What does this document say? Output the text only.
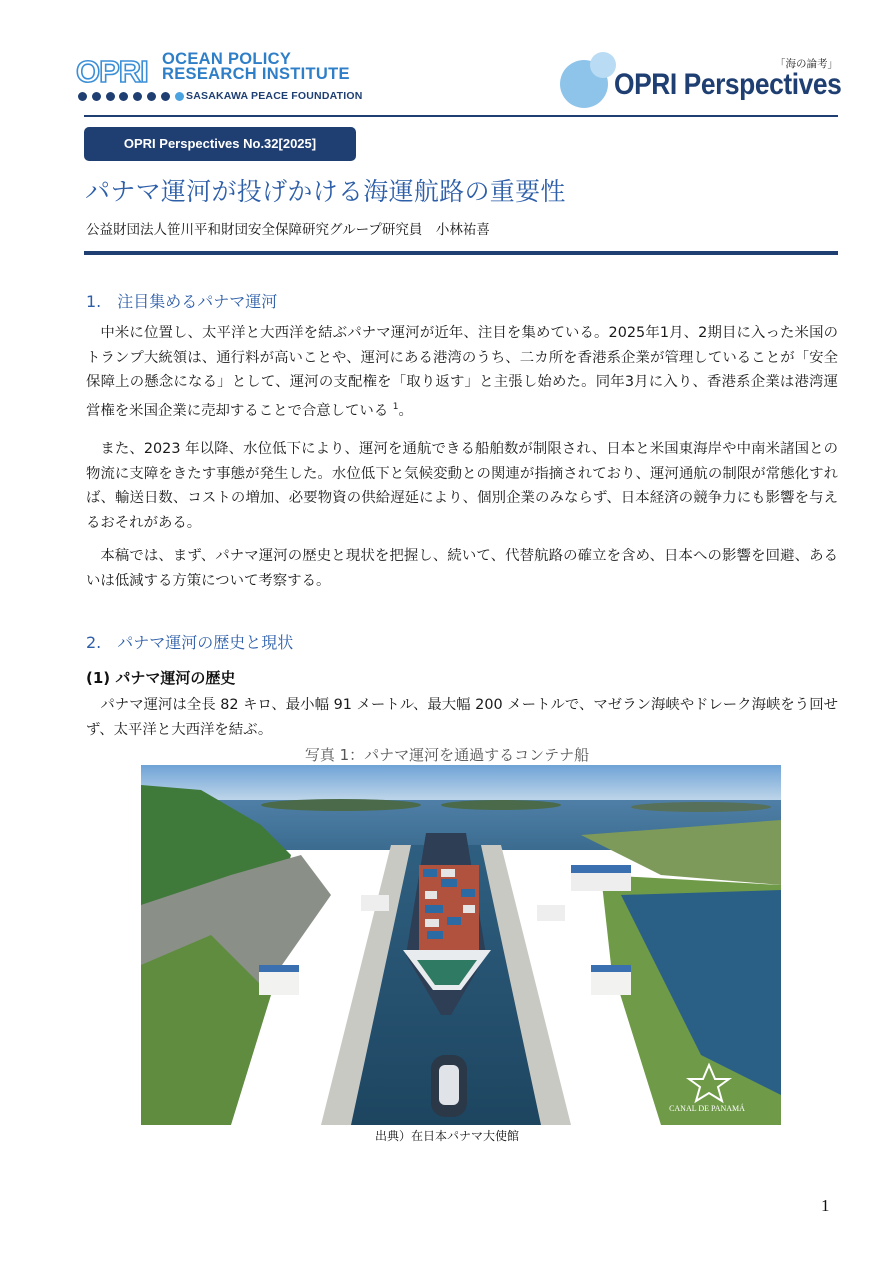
OPRI OCEAN POLICY
RESEARCH INSTITUTE
SASAKAWA PEACE FOUNDATION
「海の論考」
OPRI Perspectives
OPRI Perspectives No.32[2025]
パナマ運河が投げかける海運航路の重要性
公益財団法人笹川平和財団安全保障研究グループ研究員　小林祐喜
1.　注目集めるパナマ運河
中米に位置し、太平洋と大西洋を結ぶパナマ運河が近年、注目を集めている。2025年1月、2期目に入った米国のトランプ大統領は、通行料が高いことや、運河にある港湾のうち、二カ所を香港系企業が管理していることが「安全保障上の懸念になる」として、運河の支配権を「取り返す」と主張し始めた。同年3月に入り、香港系企業は港湾運営権を米国企業に売却することで合意している $^1$。
また、2023 年以降、水位低下により、運河を通航できる船舶数が制限され、日本と米国東海岸や中南米諸国との物流に支障をきたす事態が発生した。水位低下と気候変動との関連が指摘されており、運河通航の制限が常態化すれば、輸送日数、コストの増加、必要物資の供給遅延により、個別企業のみならず、日本経済の競争力にも影響を与えるおそれがある。
本稿では、まず、パナマ運河の歴史と現状を把握し、続いて、代替航路の確立を含め、日本への影響を回避、あるいは低減する方策について考察する。
2.　パナマ運河の歴史と現状
(1) パナマ運河の歴史
パナマ運河は全長 82 キロ、最小幅 91 メートル、最大幅 200 メートルで、マゼラン海峡やドレーク海峡をう回せず、太平洋と大西洋を結ぶ。
写真 1：パナマ運河を通過するコンテナ船
CANAL DE PANAMÁ
出典）在日本パナマ大使館
1
